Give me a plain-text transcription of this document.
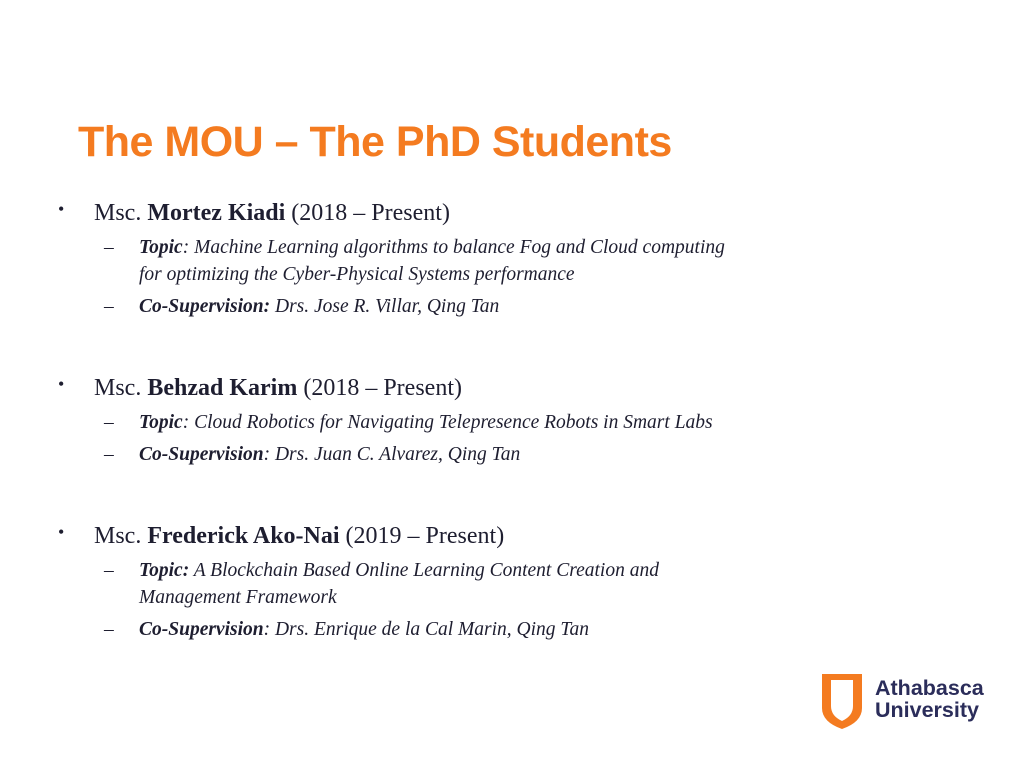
The MOU – The PhD Students
• Msc. Mortez Kiadi (2018 – Present)
– Topic: Machine Learning algorithms to balance Fog and Cloud computing
for optimizing the Cyber-Physical Systems performance
– Co-Supervision: Drs. Jose R. Villar, Qing Tan
• Msc. Behzad Karim (2018 – Present)
– Topic: Cloud Robotics for Navigating Telepresence Robots in Smart Labs
– Co-Supervision: Drs. Juan C. Alvarez, Qing Tan
• Msc. Frederick Ako-Nai (2019 – Present)
– Topic: A Blockchain Based Online Learning Content Creation and
Management Framework
– Co-Supervision: Drs. Enrique de la Cal Marin, Qing Tan
Athabasca
University
